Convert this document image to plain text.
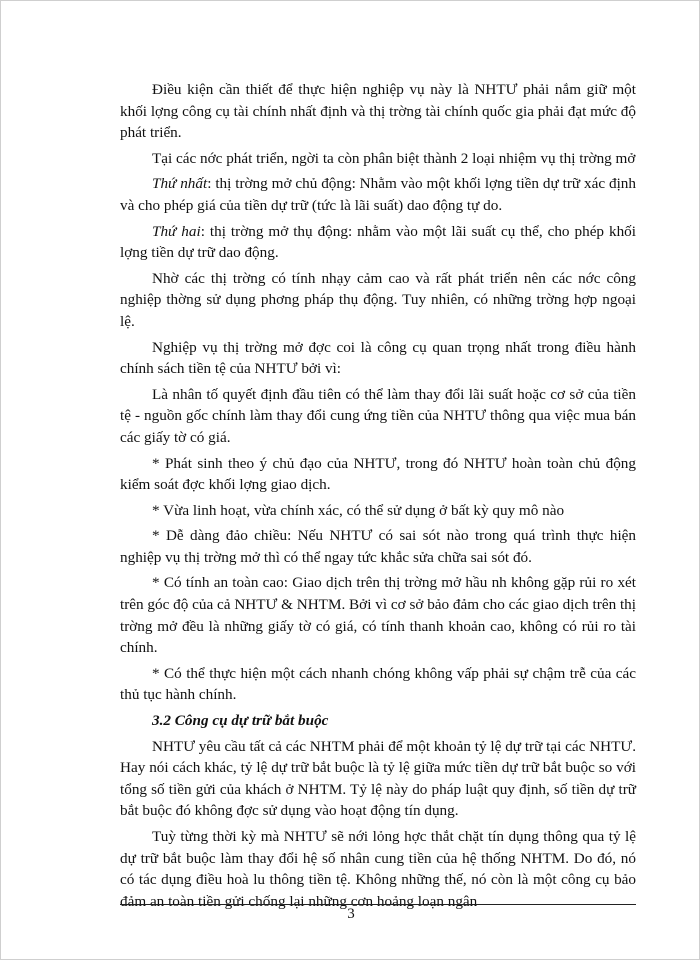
Điều kiện cần thiết để thực hiện nghiệp vụ này là NHTƯ phải nắm giữ một khối lợng công cụ tài chính nhất định và thị trờng tài chính quốc gia phải đạt mức độ phát triển.

Tại các nớc phát triển, ngời ta còn phân biệt thành 2 loại nhiệm vụ thị trờng mở

Thứ nhất: thị trờng mở chủ động: Nhằm vào một khối lợng tiền dự trữ xác định và cho phép giá của tiền dự trữ (tức là lãi suất) dao động tự do.

Thứ hai: thị trờng mở thụ động: nhằm vào một lãi suất cụ thể, cho phép khối lợng tiền dự trữ dao động.

Nhờ các thị trờng có tính nhạy cảm cao và rất phát triển nên các nớc công nghiệp thờng sử dụng phơng pháp thụ động. Tuy nhiên, có những trờng hợp ngoại lệ.

Nghiệp vụ thị trờng mở đợc coi là công cụ quan trọng nhất trong điều hành chính sách tiền tệ của NHTƯ bởi vì:

Là nhân tố quyết định đầu tiên có thể làm thay đổi lãi suất hoặc cơ sở của tiền tệ - nguồn gốc chính làm thay đổi cung ứng tiền của NHTƯ thông qua việc mua bán các giấy tờ có giá.

* Phát sinh theo ý chủ đạo của NHTƯ, trong đó NHTƯ hoàn toàn chủ động kiểm soát đợc khối lợng giao dịch.

* Vừa linh hoạt, vừa chính xác, có thể sử dụng ở bất kỳ quy mô nào

* Dễ dàng đảo chiều: Nếu NHTƯ có sai sót nào trong quá trình thực hiện nghiệp vụ thị trờng mở thì có thể ngay tức khắc sửa chữa sai sót đó.

* Có tính an toàn cao: Giao dịch trên thị trờng mở hầu nh không gặp rủi ro xét trên góc độ của cả NHTƯ & NHTM. Bởi vì cơ sở bảo đảm cho các giao dịch trên thị trờng mở đều là những giấy tờ có giá, có tính thanh khoản cao, không có rủi ro tài chính.

* Có thể thực hiện một cách nhanh chóng không vấp phải sự chậm trễ của các thủ tục hành chính.

3.2 Công cụ dự trữ bắt buộc

NHTƯ yêu cầu tất cả các NHTM phải để một khoản tỷ lệ dự trữ tại các NHTƯ. Hay nói cách khác, tỷ lệ dự trữ bắt buộc là tỷ lệ giữa mức tiền dự trữ bắt buộc so với tổng số tiền gửi của khách ở NHTM. Tỷ lệ này do pháp luật quy định, số tiền dự trữ bắt buộc đó không đợc sử dụng vào hoạt động tín dụng.

Tuỳ từng thời kỳ mà NHTƯ sẽ nới lỏng hợc thắt chặt tín dụng thông qua tỷ lệ dự trữ bắt buộc làm thay đổi hệ số nhân cung tiền của hệ thống NHTM. Do đó, nó có tác dụng điều hoà lu thông tiền tệ. Không những thế, nó còn là một công cụ bảo đảm an toàn tiền gửi chống lại những cơn hoảng loạn ngân

3
